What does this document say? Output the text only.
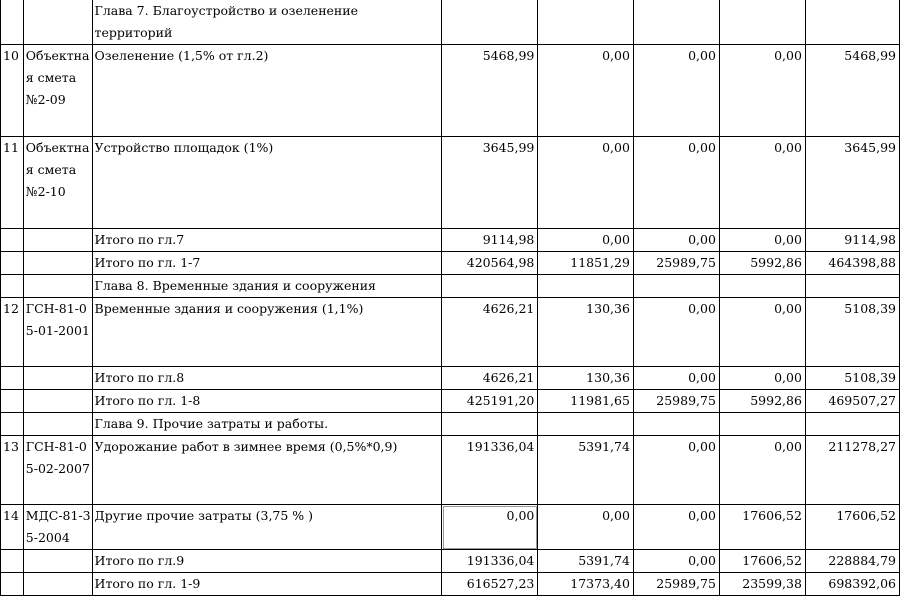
		Глава 7. Благоустройство и озеленение территорий					
10	Объектная смета №2-09	Озеленение (1,5% от гл.2)	5468,99	0,00	0,00	0,00	5468,99
11	Объектная смета №2-10	Устройство площадок (1%)	3645,99	0,00	0,00	0,00	3645,99
		Итого по гл.7	9114,98	0,00	0,00	0,00	9114,98
		Итого по гл. 1-7	420564,98	11851,29	25989,75	5992,86	464398,88
		Глава 8. Временные здания и сооружения					
12	ГСН-81-05-01-2001	Временные здания и сооружения (1,1%)	4626,21	130,36	0,00	0,00	5108,39
		Итого по гл.8	4626,21	130,36	0,00	0,00	5108,39
		Итого по гл. 1-8	425191,20	11981,65	25989,75	5992,86	469507,27
		Глава 9. Прочие затраты и работы.					
13	ГСН-81-05-02-2007	Удорожание работ в зимнее время (0,5%*0,9)	191336,04	5391,74	0,00	0,00	211278,27
14	МДС-81-35-2004	Другие прочие затраты (3,75 % )	0,00	0,00	0,00	17606,52	17606,52
		Итого по гл.9	191336,04	5391,74	0,00	17606,52	228884,79
		Итого по гл. 1-9	616527,23	17373,40	25989,75	23599,38	698392,06
